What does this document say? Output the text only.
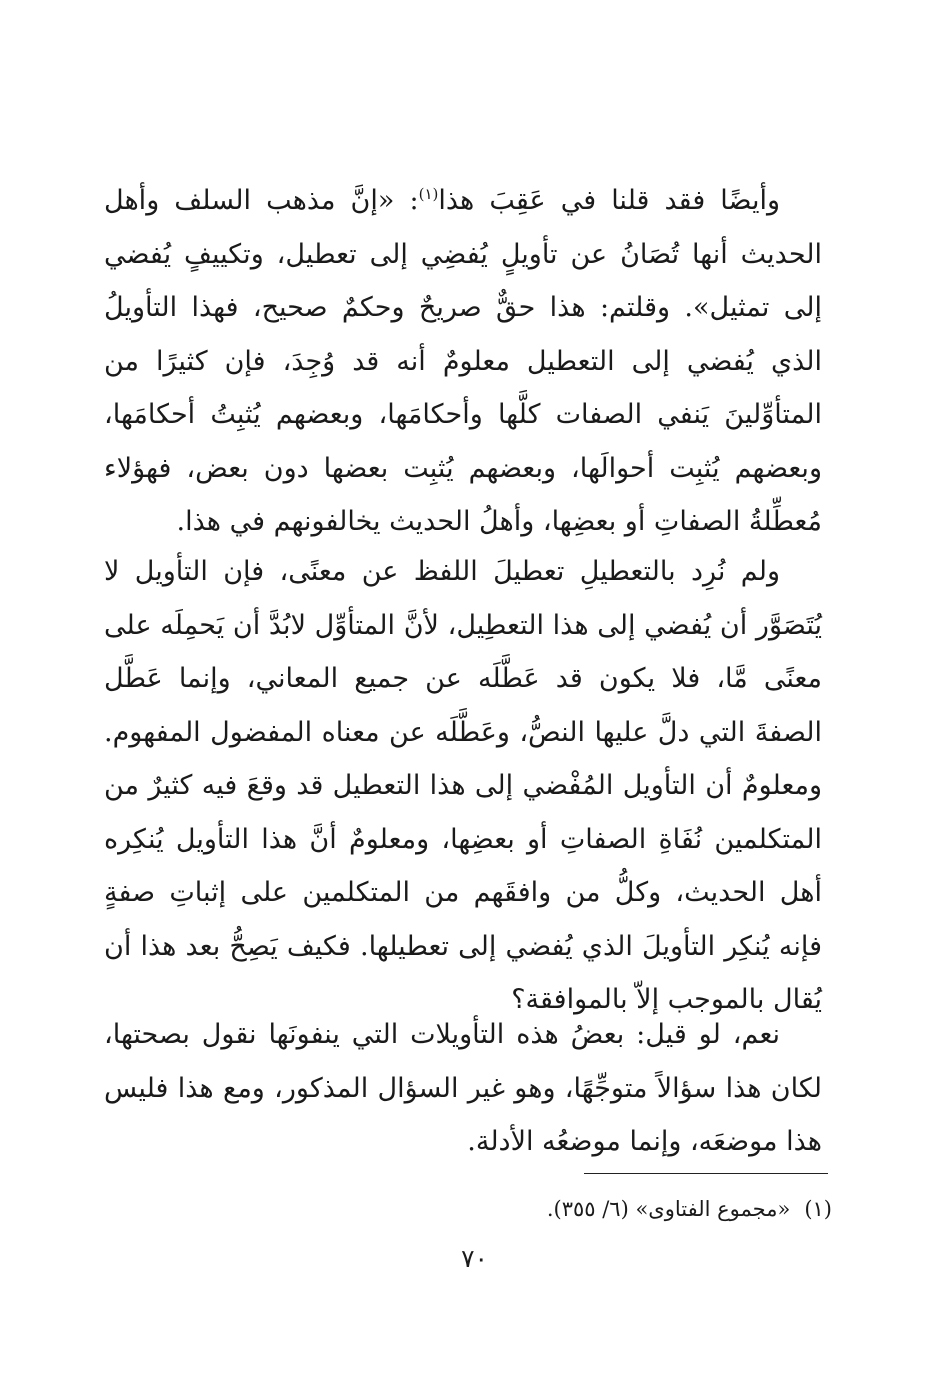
وأيضًا فقد قلنا في عَقِبَ هذا$^{(١)}$: «إنَّ مذهب السلف وأهل الحديث أنها تُصَانُ عن تأويلٍ يُفضِي إلى تعطيل، وتكييفٍ يُفضي إلى تمثيل». وقلتم: هذا حقٌّ صريحٌ وحكمٌ صحيح، فهذا التأويلُ الذي يُفضي إلى التعطيل معلومٌ أنه قد وُجِدَ، فإن كثيرًا من المتأوِّلينَ يَنفي الصفات كلَّها وأحكامَها، وبعضهم يُثبِتُ أحكامَها، وبعضهم يُثبِت أحوالَها، وبعضهم يُثبِت بعضها دون بعض، فهؤلاء مُعطِّلةُ الصفاتِ أو بعضِها، وأهلُ الحديث يخالفونهم في هذا.

ولم نُرِد بالتعطيلِ تعطيلَ اللفظ عن معنًى، فإن التأويل لا يُتَصَوَّر أن يُفضي إلى هذا التعطِيل، لأنَّ المتأوِّل لابُدَّ أن يَحمِلَه على معنًى مَّا، فلا يكون قد عَطَّلَه عن جميع المعاني، وإنما عَطَّل الصفةَ التي دلَّ عليها النصُّ، وعَطَّلَه عن معناه المفضول المفهوم. ومعلومٌ أن التأويل المُفْضي إلى هذا التعطيل قد وقعَ فيه كثيرٌ من المتكلمين نُفَاةِ الصفاتِ أو بعضِها، ومعلومٌ أنَّ هذا التأويل يُنكِره أهل الحديث، وكلُّ من وافقَهم من المتكلمين على إثباتِ صفةٍ فإنه يُنكِر التأويلَ الذي يُفضي إلى تعطيلها. فكيف يَصِحُّ بعد هذا أن يُقال بالموجب إلاّ بالموافقة؟

نعم، لو قيل: بعضُ هذه التأويلات التي ينفونَها نقول بصحتها، لكان هذا سؤالاً متوجِّهًا، وهو غير السؤال المذكور، ومع هذا فليس هذا موضعَه، وإنما موضعُه الأدلة.

(١)«مجموع الفتاوى» (٦/ ٣٥٥).

٧٠
